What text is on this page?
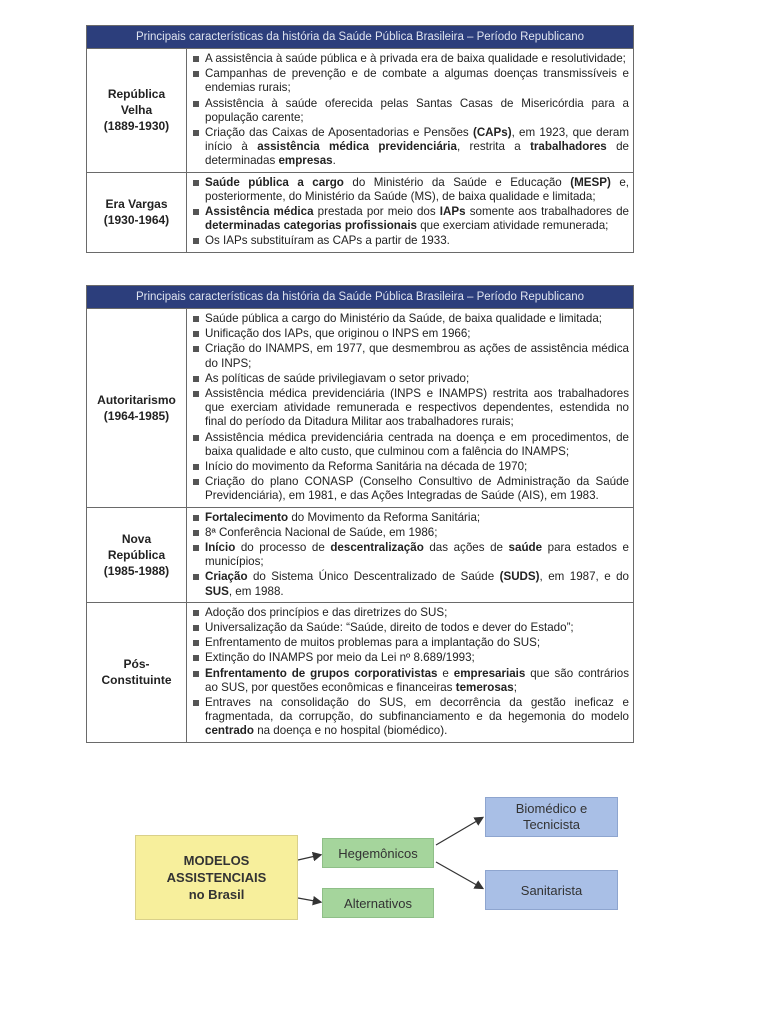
Principais características da história da Saúde Pública Brasileira – Período Republicano
República
Velha
(1889-1930)
A assistência à saúde pública e à privada era de baixa qualidade e resolutividade;
Campanhas de prevenção e de combate a algumas doenças transmissíveis e endemias rurais;
Assistência à saúde oferecida pelas Santas Casas de Misericórdia para a população carente;
Criação das Caixas de Aposentadorias e Pensões (CAPs), em 1923, que deram início à assistência médica previdenciária, restrita a trabalhadores de determinadas empresas.
Era Vargas
(1930-1964)
Saúde pública a cargo do Ministério da Saúde e Educação (MESP) e, posteriormente, do Ministério da Saúde (MS), de baixa qualidade e limitada;
Assistência médica prestada por meio dos IAPs somente aos trabalhadores de determinadas categorias profissionais que exerciam atividade remunerada;
Os IAPs substituíram as CAPs a partir de 1933.
Principais características da história da Saúde Pública Brasileira – Período Republicano
Autoritarismo
(1964-1985)
Saúde pública a cargo do Ministério da Saúde, de baixa qualidade e limitada;
Unificação dos IAPs, que originou o INPS em 1966;
Criação do INAMPS, em 1977, que desmembrou as ações de assistência médica do INPS;
As políticas de saúde privilegiavam o setor privado;
Assistência médica previdenciária (INPS e INAMPS) restrita aos trabalhadores que exerciam atividade remunerada e respectivos dependentes, estendida no final do período da Ditadura Militar aos trabalhadores rurais;
Assistência médica previdenciária centrada na doença e em procedimentos, de baixa qualidade e alto custo, que culminou com a falência do INAMPS;
Início do movimento da Reforma Sanitária na década de 1970;
Criação do plano CONASP (Conselho Consultivo de Administração da Saúde Previdenciária), em 1981, e das Ações Integradas de Saúde (AIS), em 1983.
Nova
República
(1985-1988)
Fortalecimento do Movimento da Reforma Sanitária;
8ª Conferência Nacional de Saúde, em 1986;
Início do processo de descentralização das ações de saúde para estados e municípios;
Criação do Sistema Único Descentralizado de Saúde (SUDS), em 1987, e do SUS, em 1988.
Pós-
Constituinte
Adoção dos princípios e das diretrizes do SUS;
Universalização da Saúde: “Saúde, direito de todos e dever do Estado”;
Enfrentamento de muitos problemas para a implantação do SUS;
Extinção do INAMPS por meio da Lei nº 8.689/1993;
Enfrentamento de grupos corporativistas e empresariais que são contrários ao SUS, por questões econômicas e financeiras temerosas;
Entraves na consolidação do SUS, em decorrência da gestão ineficaz e fragmentada, da corrupção, do subfinanciamento e da hegemonia do modelo centrado na doença e no hospital (biomédico).
MODELOS
ASSISTENCIAIS
no Brasil
Hegemônicos
Alternativos
Biomédico e
Tecnicista
Sanitarista
